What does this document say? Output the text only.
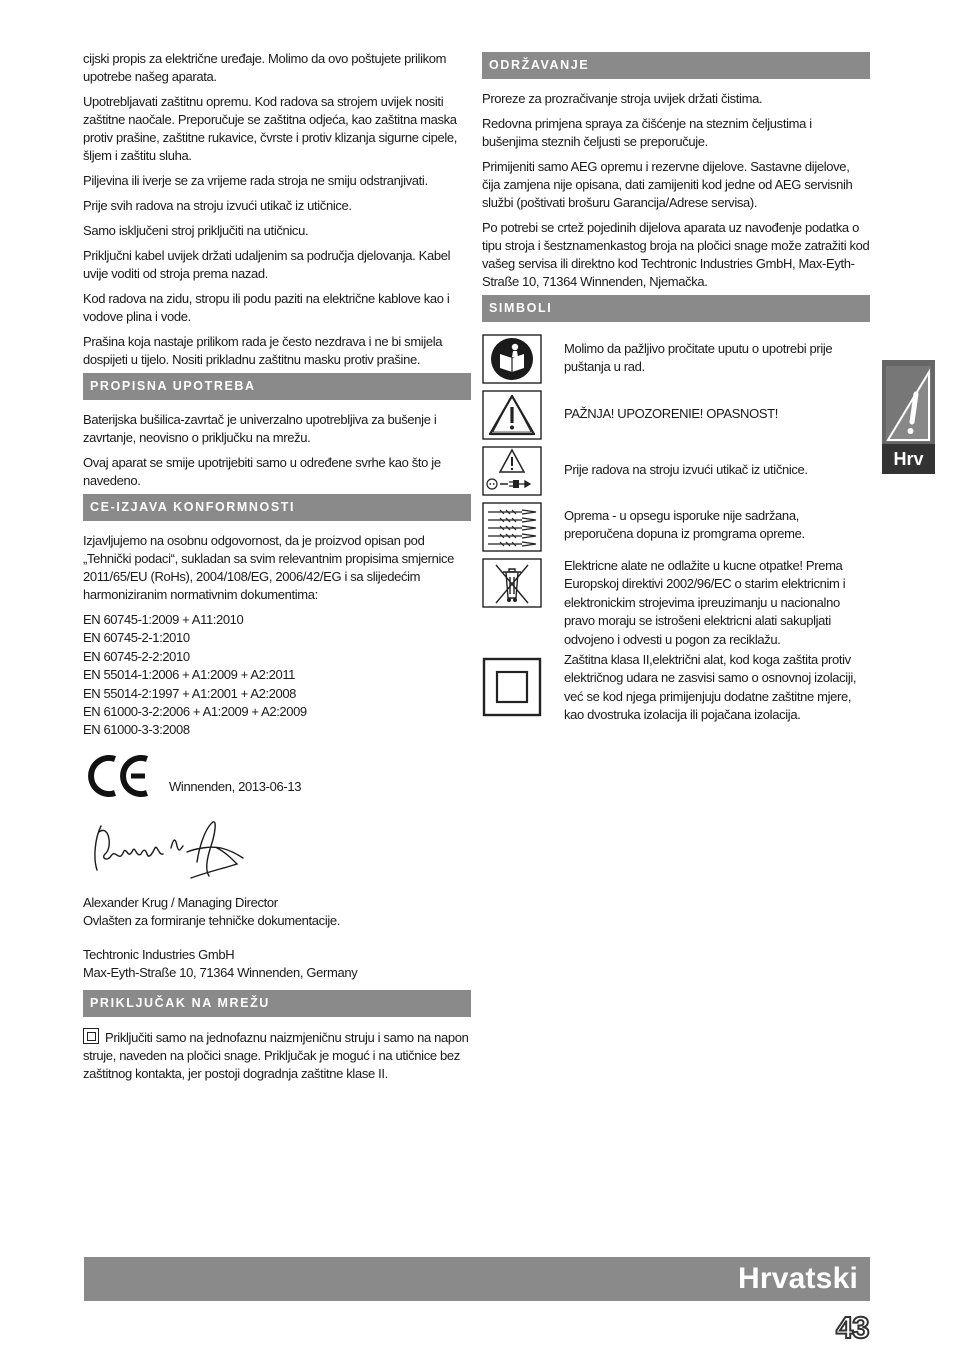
cijski propis za električne uređaje. Molimo da ovo poštujete prilikom upotrebe našeg aparata.

Upotrebljavati zaštitnu opremu. Kod radova sa strojem uvijek nositi zaštitne naočale. Preporučuje se zaštitna odjeća, kao zaštitna maska protiv prašine, zaštitne rukavice, čvrste i protiv klizanja sigurne cipele, šljem i zaštitu sluha.

Piljevina ili iverje se za vrijeme rada stroja ne smiju odstranjivati.

Prije svih radova na stroju izvući utikač iz utičnice.

Samo isključeni stroj priključiti na utičnicu.

Priključni kabel uvijek držati udaljenim sa područja djelovanja. Kabel uvije voditi od stroja prema nazad.

Kod radova na zidu, stropu ili podu paziti na električne kablove kao i vodove plina i vode.

Prašina koja nastaje prilikom rada je često nezdrava i ne bi smijela dospijeti u tijelo. Nositi prikladnu zaštitnu masku protiv prašine.

PROPISNA UPOTREBA

Baterijska bušilica-zavrtač je univerzalno upotrebljiva za bušenje i zavrtanje, neovisno o priključku na mrežu.

Ovaj aparat se smije upotrijebiti samo u određene svrhe kao što je navedeno.

CE-IZJAVA KONFORMNOSTI

Izjavljujemo na osobnu odgovornost, da je proizvod opisan pod „Tehnički podaci“, sukladan sa svim relevantnim propisima smjernice 2011/65/EU (RoHs), 2004/108/EG, 2006/42/EG i sa slijedećim harmoniziranim normativnim dokumentima:

EN 60745-1:2009 + A11:2010
EN 60745-2-1:2010
EN 60745-2-2:2010
EN 55014-1:2006 + A1:2009 + A2:2011
EN 55014-2:1997 + A1:2001 + A2:2008
EN 61000-3-2:2006 + A1:2009 + A2:2009
EN 61000-3-3:2008
Winnenden, 2013-06-13
Alexander Krug / Managing Director
Ovlašten za formiranje tehničke dokumentacije.
Techtronic Industries GmbH
Max-Eyth-Straße 10, 71364 Winnenden, Germany
PRIKLJUČAK NA MREŽU

Priključiti samo na jednofaznu naizmjeničnu struju i samo na napon struje, naveden na pločici snage. Priključak je moguć i na utičnice bez zaštitnog kontakta, jer postoji dogradnja zaštitne klase II.

ODRŽAVANJE

Proreze za prozračivanje stroja uvijek držati čistima.

Redovna primjena spraya za čišćenje na steznim čeljustima i bušenjima steznih čeljusti se preporučuje.

Primijeniti samo AEG opremu i rezervne dijelove. Sastavne dijelove, čija zamjena nije opisana, dati zamijeniti kod jedne od AEG servisnih službi (poštivati brošuru Garancija/Adrese servisa).

Po potrebi se crtež pojedinih dijelova aparata uz navođenje podatka o tipu stroja i šestznamenkastog broja na pločici snage može zatražiti kod vašeg servisa ili direktno kod Techtronic Industries GmbH, Max-Eyth-Straße 10, 71364 Winnenden, Njemačka.

SIMBOLI
Molimo da pažljivo pročitate uputu o upotrebi prije puštanja u rad.
PAŽNJA! UPOZORENIE! OPASNOST!
Prije radova na stroju izvući utikač iz utičnice.
Oprema - u opsegu isporuke nije sadržana, preporučena dopuna iz promgrama opreme.
Elektricne alate ne odlažite u kucne otpatke! Prema Europskoj direktivi 2002/96/EC o starim elektricnim i elektronickim strojevima ipreuzimanju u nacionalno pravo moraju se istrošeni elektricni alati sakupljati odvojeno i odvesti u pogon za reciklažu.
Zaštitna klasa II,električni alat, kod koga zaštita protiv električnog udara ne zasvisi samo o osnovnoj izolaciji, već se kod njega primijenjuju dodatne zaštitne mjere, kao dvostruka izolacija ili pojačana izolacija.
Hrv
Hrvatski
43
